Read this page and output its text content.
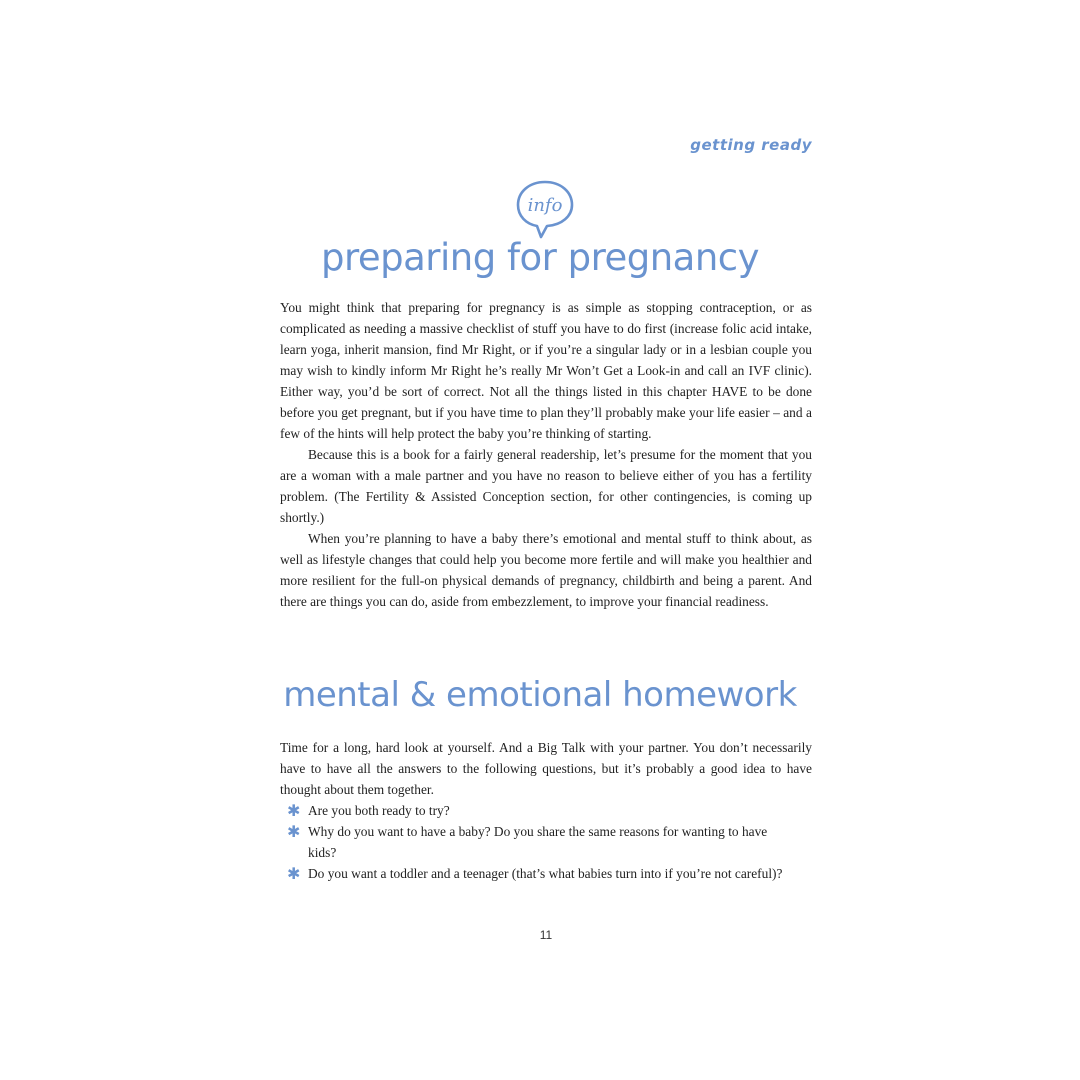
getting ready
info
preparing for pregnancy

You might think that preparing for pregnancy is as simple as stopping contraception, or as complicated as needing a massive checklist of stuff you have to do first (increase folic acid intake, learn yoga, inherit mansion, find Mr Right, or if you’re a singular lady or in a lesbian couple you may wish to kindly inform Mr Right he’s really Mr Won’t Get a Look-in and call an IVF clinic). Either way, you’d be sort of correct. Not all the things listed in this chapter HAVE to be done before you get pregnant, but if you have time to plan they’ll probably make your life easier – and a few of the hints will help protect the baby you’re thinking of starting.

Because this is a book for a fairly general readership, let’s presume for the moment that you are a woman with a male partner and you have no reason to believe either of you has a fertility problem. (The Fertility & Assisted Conception section, for other contingencies, is coming up shortly.)

When you’re planning to have a baby there’s emotional and mental stuff to think about, as well as lifestyle changes that could help you become more fertile and will make you healthier and more resilient for the full-on physical demands of pregnancy, childbirth and being a parent. And there are things you can do, aside from embezzlement, to improve your financial readiness.

mental & emotional homework

Time for a long, hard look at yourself. And a Big Talk with your partner. You don’t necessarily have to have all the answers to the following questions, but it’s probably a good idea to have thought about them together.

✱ Are you both ready to try?
✱ Why do you want to have a baby? Do you share the same reasons for wanting to have kids?
✱ Do you want a toddler and a teenager (that’s what babies turn into if you’re not careful)?
11
